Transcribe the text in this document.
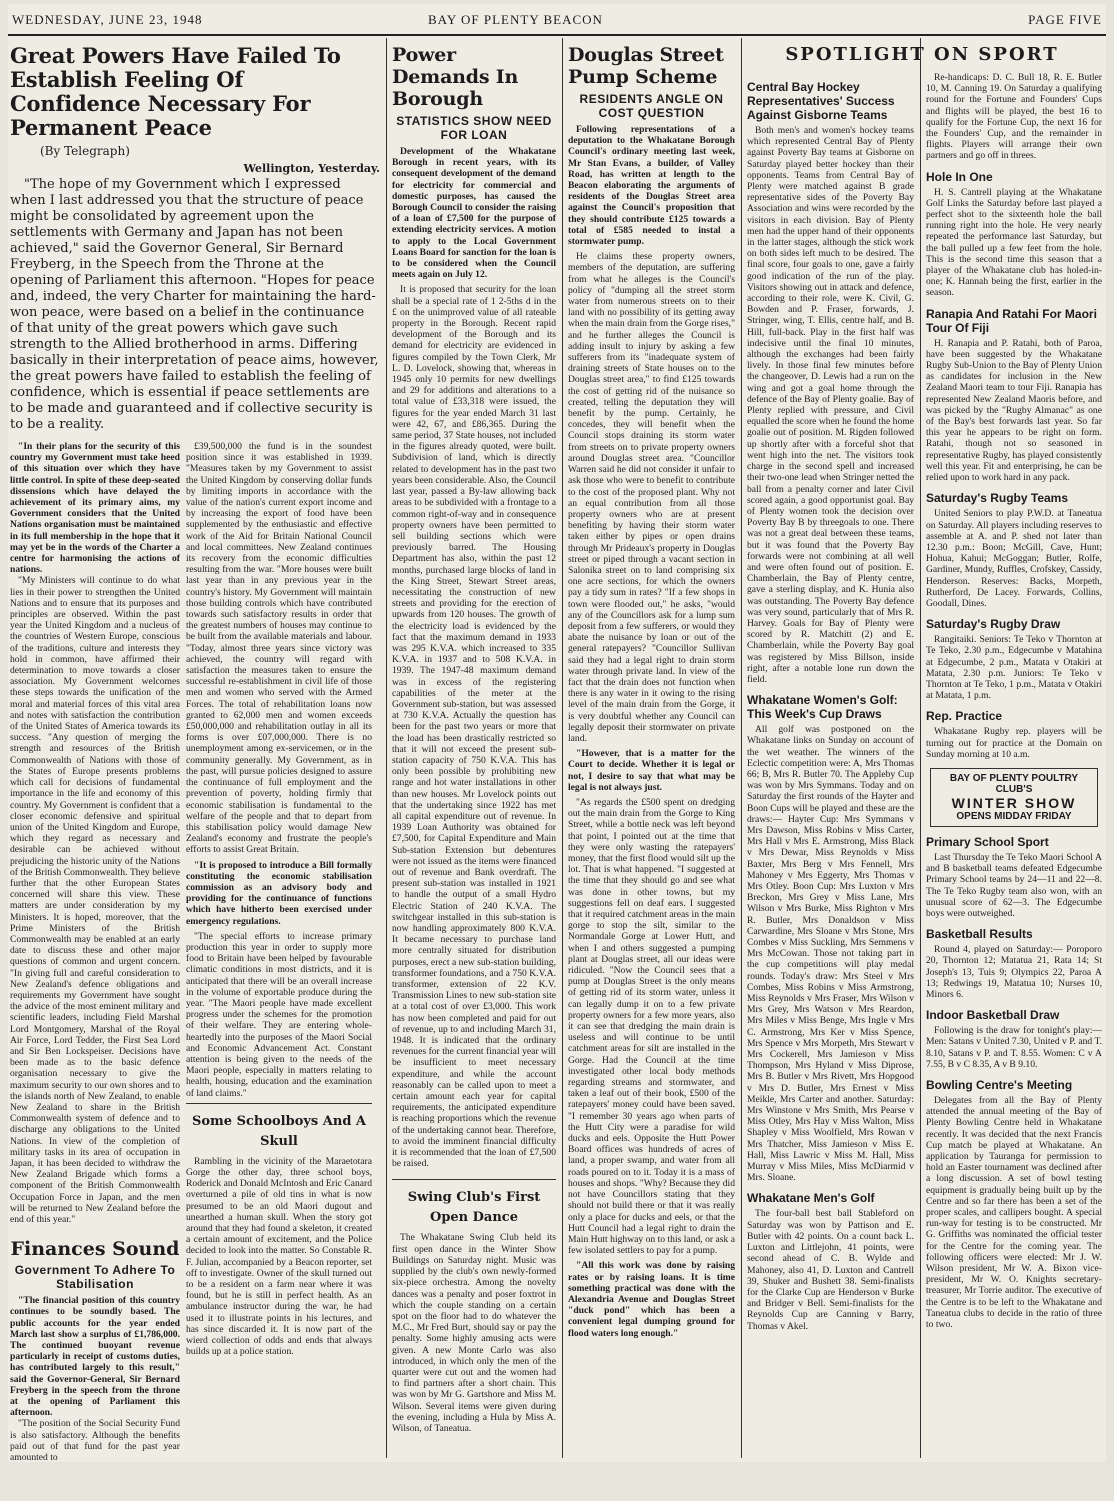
WEDNESDAY, JUNE 23, 1948	BAY OF PLENTY BEACON	PAGE FIVE
Great Powers Have Failed To Establish Feeling Of Confidence Necessary For Permanent Peace
(By Telegraph)
Wellington, Yesterday.

"The hope of my Government which I expressed when I last addressed you that the structure of peace might be consolidated by agreement upon the settlements with Germany and Japan has not been achieved," said the Governor General, Sir Bernard Freyberg, in the Speech from the Throne at the opening of Parliament this afternoon. "Hopes for peace and, indeed, the very Charter for maintaining the hard-won peace, were based on a belief in the continuance of that unity of the great powers which gave such strength to the Allied brotherhood in arms. Differing basically in their interpretation of peace aims, however, the great powers have failed to establish the feeling of confidence, which is essential if peace settlements are to be made and guaranteed and if collective security is to be a reality.

"In their plans for the security of this country my Government must take heed of this situation over which they have little control. In spite of these deep-seated dissensions which have delayed the achievement of its primary aims, my Government considers that the United Nations organisation must be maintained in its full membership in the hope that it may yet be in the words of the Charter a centre for harmonising the actions of nations.

"My Ministers will continue to do what lies in their power to strengthen the United Nations and to ensure that its purposes and principles are observed. Within the past year the United Kingdom and a nucleus of the countries of Western Europe, conscious of the traditions, culture and interests they hold in common, have affirmed their determination to move towards a closer association. My Government welcomes these steps towards the unification of the moral and material forces of this vital area and notes with satisfaction the contribution of the United States of America towards its success. "Any question of merging the strength and resources of the British Commonwealth of Nations with those of the States of Europe presents problems which call for decisions of fundamental importance in the life and economy of this country. My Government is confident that a closer economic defensive and spiritual union of the United Kingdom and Europe, which they regard as necessary and desirable can be achieved without prejudicing the historic unity of the Nations of the British Commonwealth. They believe further that the other European States concerned will share this view. These matters are under consideration by my Ministers. It is hoped, moreover, that the Prime Ministers of the British Commonwealth may be enabled at an early date to discuss these and other major questions of common and urgent concern. "In giving full and careful consideration to New Zealand's defence obligations and requirements my Government have sought the advice of the most eminent military and scientific leaders, including Field Marshal Lord Montgomery, Marshal of the Royal Air Force, Lord Tedder, the First Sea Lord and Sir Ben Lockspeiser. Decisions have been made as to the basic defence organisation necessary to give the maximum security to our own shores and to the islands north of New Zealand, to enable New Zealand to share in the British Commonwealth system of defence and to discharge any obligations to the United Nations. In view of the completion of military tasks in its area of occupation in Japan, it has been decided to withdraw the New Zealand Brigade which forms a component of the British Commonwealth Occupation Force in Japan, and the men will be returned to New Zealand before the end of this year."

Finances Sound
Government To Adhere To Stabilisation

"The financial position of this country continues to be soundly based. The public accounts for the year ended March last show a surplus of £1,786,000. The continued buoyant revenue particularly in receipt of customs duties, has contributed largely to this result," said the Governor-General, Sir Bernard Freyberg in the speech from the throne at the opening of Parliament this afternoon.

"The position of the Social Security Fund is also satisfactory. Although the benefits paid out of that fund for the past year amounted to

£39,500,000 the fund is in the soundest position since it was established in 1939. "Measures taken by my Government to assist the United Kingdom by conserving dollar funds by limiting imports in accordance with the value of the nation's current export income and by increasing the export of food have been supplemented by the enthusiastic and effective work of the Aid for Britain National Council and local committees. New Zealand continues its recovery from the economic difficulties resulting from the war. "More houses were built last year than in any previous year in the country's history. My Government will maintain those building controls which have contributed towards such satisfactory results in order that the greatest numbers of houses may continue to be built from the available materials and labour. "Today, almost three years since victory was achieved, the country will regard with satisfaction the measures taken to ensure the successful re-establishment in civil life of those men and women who served with the Armed Forces. The total of rehabilitation loans now granted to 62,000 men and women exceeds £50,000,000 and rehabilitation outlay in all its forms is over £07,000,000. There is no unemployment among ex-servicemen, or in the community generally. My Government, as in the past, will pursue policies designed to assure the continuance of full employment and the prevention of poverty, holding firmly that economic stabilisation is fundamental to the welfare of the people and that to depart from this stabilisation policy would damage New Zealand's economy and frustrate the people's efforts to assist Great Britain.

"It is proposed to introduce a Bill formally constituting the economic stabilisation commission as an advisory body and providing for the continuance of functions which have hitherto been exercised under emergency regulations.

"The special efforts to increase primary production this year in order to supply more food to Britain have been helped by favourable climatic conditions in most districts, and it is anticipated that there will be an overall increase in the volume of exportable produce during the year. "The Maori people have made excellent progress under the schemes for the promotion of their welfare. They are entering whole-heartedly into the purposes of the Maori Social and Economic Advancement Act. Constant attention is being given to the needs of the Maori people, especially in matters relating to health, housing, education and the examination of land claims."

Some Schoolboys And A Skull

Rambling in the vicinity of the Maraetotara Gorge the other day, three school boys, Roderick and Donald McIntosh and Eric Canard overturned a pile of old tins in what is now presumed to be an old Maori dugout and unearthed a human skull. When the story got around that they had found a skeleton, it created a certain amount of excitement, and the Police decided to look into the matter. So Constable R. F. Julian, accompanied by a Beacon reporter, set off to investigate. Owner of the skull turned out to be a resident on a farm near where it was found, but he is still in perfect health. As an ambulance instructor during the war, he had used it to illustrate points in his lectures, and has since discarded it. It is now part of the wierd collection of odds and ends that always builds up at a police station.

Power Demands In Borough
STATISTICS SHOW NEED FOR LOAN

Development of the Whakatane Borough in recent years, with its consequent development of the demand for electricity for commercial and domestic purposes, has caused the Borough Council to consider the raising of a loan of £7,500 for the purpose of extending electricity services. A motion to apply to the Local Government Loans Board for sanction for the loan is to be considered when the Council meets again on July 12.

It is proposed that security for the loan shall be a special rate of 1 2-5ths d in the £ on the unimproved value of all rateable property in the Borough. Recent rapid development of the Borough and its demand for electricity are evidenced in figures compiled by the Town Clerk, Mr L. D. Lovelock, showing that, whereas in 1945 only 10 permits for new dwellings and 29 for additions and alterations to a total value of £33,318 were issued, the figures for the year ended March 31 last were 42, 67, and £86,365. During the same period, 37 State houses, not included in the figures already quoted, were built. Subdivision of land, which is directly related to development has in the past two years been considerable. Also, the Council last year, passed a By-law allowing back areas to be subdivided with a frontage to a common right-of-way and in consequence property owners have been permitted to sell building sections which were previously barred. The Housing Department has also, within the past 12 months, purchased large blocks of land in the King Street, Stewart Street areas, necessitating the construction of new streets and providing for the erection of upwards from 120 houses. The growth of the electricity load is evidenced by the fact that the maximum demand in 1933 was 295 K.V.A. which increased to 335 K.V.A. in 1937 and to 508 K.V.A. in 1939. The 1947-48 maximum demand was in excess of the registering capabilities of the meter at the Government sub-station, but was assessed at 730 K.V.A. Actually the question has been for the past two years or more that the load has been drastically restricted so that it will not exceed the present sub-station capacity of 750 K.V.A. This has only been possible by prohibiting new range and hot water installations in other than new houses. Mr Lovelock points out that the undertaking since 1922 has met all capital expenditure out of revenue. In 1939 Loan Authority was obtained for £7,500, for Capital Expenditure and Main Sub-station Extension but debentures were not issued as the items were financed out of revenue and Bank overdraft. The present sub-station was installed in 1921 to handle the output of a small Hydro Electric Station of 240 K.V.A. The switchgear installed in this sub-station is now handling approximately 800 K.V.A. It became necessary to purchase land more centrally situated for distribution purposes, erect a new sub-station building, transformer foundations, and a 750 K.V.A. transformer, extension of 22 K.V. Transmission Lines to new sub-station site at a total cost of over £3,000. This work has now been completed and paid for out of revenue, up to and including March 31, 1948. It is indicated that the ordinary revenues for the current financial year will be insufficient to meet necessary expenditure, and while the account reasonably can be called upon to meet a certain amount each year for capital requirements, the anticipated expenditure is reaching proportions which the revenue of the undertaking cannot bear. Therefore, to avoid the imminent financial difficulty it is recommended that the loan of £7,500 be raised.

Swing Club's First Open Dance

The Whakatane Swing Club held its first open dance in the Winter Show Buildings on Saturday night. Music was supplied by the club's own newly-formed six-piece orchestra. Among the novelty dances was a penalty and poser foxtrot in which the couple standing on a certain spot on the floor had to do whatever the M.C., Mr Fred Burt, should say or pay the penalty. Some highly amusing acts were given. A new Monte Carlo was also introduced, in which only the men of the quarter were cut out and the women had to find partners after a short chain. This was won by Mr G. Gartshore and Miss M. Wilson. Several items were given during the evening, including a Hula by Miss A. Wilson, of Taneatua.

Douglas Street Pump Scheme
RESIDENTS ANGLE ON COST QUESTION

Following representations of a deputation to the Whakatane Borough Council's ordinary meeting last week, Mr Stan Evans, a builder, of Valley Road, has written at length to the Beacon elaborating the arguments of residents of the Douglas Street area against the Council's proposition that they should contribute £125 towards a total of £585 needed to instal a stormwater pump.

He claims these property owners, members of the deputation, are suffering from what he alleges is the Council's policy of "dumping all the street storm water from numerous streets on to their land with no possibility of its getting away when the main drain from the Gorge rises," and he further alleges the Council is adding insult to injury by asking a few sufferers from its "inadequate system of draining streets of State houses on to the Douglas street area," to find £125 towards the cost of getting rid of the nuisance so created, telling the deputation they will benefit by the pump. Certainly, he concedes, they will benefit when the Council stops draining its storm water from streets on to private property owners around Douglas street area. "Councillor Warren said he did not consider it unfair to ask those who were to benefit to contribute to the cost of the proposed plant. Why not an equal contribution from all those property owners who are at present benefiting by having their storm water taken either by pipes or open drains through Mr Prideaux's property in Douglas street or piped through a vacant section in Salonika street on to land comprising six one acre sections, for which the owners pay a tidy sum in rates? "If a few shops in town were flooded out," he asks, "would any of the Councillors ask for a lump sum deposit from a few sufferers, or would they abate the nuisance by loan or out of the general ratepayers? "Councillor Sullivan said they had a legal right to drain storm water through private land. In view of the fact that the drain does not function when there is any water in it owing to the rising level of the main drain from the Gorge, it is very doubtful whether any Council can legally deposit their stormwater on private land.

"However, that is a matter for the Court to decide. Whether it is legal or not, I desire to say that what may be legal is not always just.

"As regards the £500 spent on dredging out the main drain from the Gorge to King Street, while a bottle neck was left beyond that point, I pointed out at the time that they were only wasting the ratepayers' money, that the first flood would silt up the lot. That is what happened. "I suggested at the time that they should go and see what was done in other towns, but my suggestions fell on deaf ears. I suggested that it required catchment areas in the main gorge to stop the silt, similar to the Normandale Gorge at Lower Hutt, and when I and others suggested a pumping plant at Douglas street, all our ideas were ridiculed. "Now the Council sees that a pump at Douglas Street is the only means of getting rid of its storm water, unless it can legally dump it on to a few private property owners for a few more years, also it can see that dredging the main drain is useless and will continue to be until catchment areas for silt are installed in the Gorge. Had the Council at the time investigated other local body methods regarding streams and stormwater, and taken a leaf out of their book, £500 of the ratepayers' money could have been saved. "I remember 30 years ago when parts of the Hutt City were a paradise for wild ducks and eels. Opposite the Hutt Power Board offices was hundreds of acres of land, a proper swamp, and water from all roads poured on to it. Today it is a mass of houses and shops. "Why? Because they did not have Councillors stating that they should not build there or that it was really only a place for ducks and eels, or that the Hutt Council had a legal right to drain the Main Hutt highway on to this land, or ask a few isolated settlers to pay for a pump.

"All this work was done by raising rates or by raising loans. It is time something practical was done with the Alexandria Avenue and Douglas Street "duck pond" which has been a convenient legal dumping ground for flood waters long enough."

SPOTLIGHT ON SPORT
Central Bay Hockey Representatives' Success Against Gisborne Teams

Both men's and women's hockey teams which represented Central Bay of Plenty against Poverty Bay teams at Gisborne on Saturday played better hockey than their opponents. Teams from Central Bay of Plenty were matched against B grade representative sides of the Poverty Bay Association and wins were recorded by the visitors in each division. Bay of Plenty men had the upper hand of their opponents in the latter stages, although the stick work on both sides left much to be desired. The final score, four goals to one, gave a fairly good indication of the run of the play. Visitors showing out in attack and defence, according to their role, were K. Civil, G. Bowden and P. Fraser, forwards, J. Stringer, wing, T. Ellis, centre half, and B. Hill, full-back. Play in the first half was indecisive until the final 10 minutes, although the exchanges had been fairly lively. In those final few minutes before the changeover, D. Lewis had a run on the wing and got a goal home through the defence of the Bay of Plenty goalie. Bay of Plenty replied with pressure, and Civil equalled the score when he found the home goalie out of position. M. Rigden followed up shortly after with a forceful shot that went high into the net. The visitors took charge in the second spell and increased their two-one lead when Stringer netted the ball from a penalty corner and later Civil scored again, a good opportunist goal. Bay of Plenty women took the decision over Poverty Bay B by threegoals to one. There was not a great deal between these teams, but it was found that the Poverty Bay forwards were not combining at all well and were often found out of position. E. Chamberlain, the Bay of Plenty centre, gave a sterling display, and K. Hunia also was outstanding. The Poverty Bay defence was very sound, particularly that of Mrs R. Harvey. Goals for Bay of Plenty were scored by R. Matchitt (2) and E. Chamberlain, while the Poverty Bay goal was registered by Miss Billson, inside right, after a notable lone run down the field.

Whakatane Women's Golf: This Week's Cup Draws

All golf was postponed on the Whakatane links on Sunday on account of the wet weather. The winners of the Eclectic competition were: A, Mrs Thomas 66; B, Mrs R. Butler 70. The Appleby Cup was won by Mrs Symmans. Today and on Saturday the first rounds of the Hayter and Boon Cups will be played and these are the draws:— Hayter Cup: Mrs Symmans v Mrs Dawson, Miss Robins v Miss Carter, Mrs Hall v Mrs E. Armstrong, Miss Black v Mrs Dewar, Miss Reynolds v Miss Baxter, Mrs Berg v Mrs Fennell, Mrs Mahoney v Mrs Eggerty, Mrs Thomas v Mrs Otley. Boon Cup: Mrs Luxton v Mrs Breckon, Mrs Grey v Miss Lane, Mrs Wilson v Mrs Burke, Miss Righton v Mrs R. Butler, Mrs Donaldson v Miss Carwardine, Mrs Sloane v Mrs Stone, Mrs Combes v Miss Suckling, Mrs Semmens v Mrs McCowan. Those not taking part in the cup competitions will play medal rounds. Today's draw: Mrs Steel v Mrs Combes, Miss Robins v Miss Armstrong, Miss Reynolds v Mrs Fraser, Mrs Wilson v Mrs Grey, Mrs Watson v Mrs Reardon, Mrs Miles v Miss Benge, Mrs Ingle v Mrs C. Armstrong, Mrs Ker v Miss Spence, Mrs Spence v Mrs Morpeth, Mrs Stewart v Mrs Cockerell, Mrs Jamieson v Miss Thompson, Mrs Hyland v Miss Diprose, Mrs B. Butler v Mrs Rivett, Mrs Hopgood v Mrs D. Butler, Mrs Ernest v Miss Meikle, Mrs Carter and another. Saturday: Mrs Winstone v Mrs Smith, Mrs Pearse v Miss Otley, Mrs Hay v Miss Walton, Miss Shapley v Miss Woolfield, Mrs Rowan v Mrs Thatcher, Miss Jamieson v Miss E. Hall, Miss Lawric v Miss M. Hall, Miss Murray v Miss Miles, Miss McDiarmid v Mrs. Sloane.

Whakatane Men's Golf

The four-ball best ball Stableford on Saturday was won by Pattison and E. Butler with 42 points. On a count back L. Luxton and Littlejohn, 41 points, were second ahead of C. B. Wylde and Mahoney, also 41, D. Luxton and Cantrell 39, Shuker and Bushett 38. Semi-finalists for the Clarke Cup are Henderson v Burke and Bridger v Bell. Semi-finalists for the Reynolds Cup are Canning v Barry, Thomas v Akel.

Re-handicaps: D. C. Bull 18, R. E. Butler 10, M. Canning 19. On Saturday a qualifying round for the Fortune and Founders' Cups and flights will be played, the best 16 to qualify for the Fortune Cup, the next 16 for the Founders' Cup, and the remainder in flights. Players will arrange their own partners and go off in threes.

Hole In One

H. S. Cantrell playing at the Whakatane Golf Links the Saturday before last played a perfect shot to the sixteenth hole the ball running right into the hole. He very nearly repeated the performance last Saturday, but the ball pulled up a few feet from the hole. This is the second time this season that a player of the Whakatane club has holed-in-one; K. Hannah being the first, earlier in the season.

Ranapia And Ratahi For Maori Tour Of Fiji

H. Ranapia and P. Ratahi, both of Paroa, have been suggested by the Whakatane Rugby Sub-Union to the Bay of Plenty Union as candidates for inclusion in the New Zealand Maori team to tour Fiji. Ranapia has represented New Zealand Maoris before, and was picked by the "Rugby Almanac" as one of the Bay's best forwards last year. So far this year he appears to be right on form. Ratahi, though not so seasoned in representative Rugby, has played consistently well this year. Fit and enterprising, he can be relied upon to work hard in any pack.

Saturday's Rugby Teams

United Seniors to play P.W.D. at Taneatua on Saturday. All players including reserves to assemble at A. and P. shed not later than 12.30 p.m.: Boon; McGill, Cave, Hunt; Hohua, Kahui; McGoggan; Butler, Rolfe, Gardiner, Mundy, Ruffles, Crofskey, Cassidy, Henderson. Reserves: Backs, Morpeth, Rutherford, De Lacey. Forwards, Collins, Goodall, Dines.

Saturday's Rugby Draw

Rangitaiki. Seniors: Te Teko v Thornton at Te Teko, 2.30 p.m., Edgecumbe v Matahina at Edgecumbe, 2 p.m., Matata v Otakiri at Matata, 2.30 p.m. Juniors: Te Teko v Thornton at Te Teko, 1 p.m., Matata v Otakiri at Matata, 1 p.m.

Rep. Practice

Whakatane Rugby rep. players will be turning out for practice at the Domain on Sunday morning at 10 a.m.

BAY OF PLENTY POULTRY CLUB'S
WINTER SHOW
OPENS MIDDAY FRIDAY
Primary School Sport

Last Thursday the Te Teko Maori School A and B basketball teams defeated Edgecumbe Primary School teams by 24—11 and 22—8. The Te Teko Rugby team also won, with an unusual score of 62—3. The Edgecumbe boys were outweighed.

Basketball Results

Round 4, played on Saturday:— Poroporo 20, Thornton 12; Matatua 21, Rata 14; St Joseph's 13, Tuis 9; Olympics 22, Paroa A 13; Redwings 19, Matatua 10; Nurses 10, Minors 6.

Indoor Basketball Draw

Following is the draw for tonight's play:— Men: Satans v United 7.30, United v P. and T. 8.10, Satans v P. and T. 8.55. Women: C v A 7.55, B v C 8.35, A v B 9.10.

Bowling Centre's Meeting

Delegates from all the Bay of Plenty attended the annual meeting of the Bay of Plenty Bowling Centre held in Whakatane recently. It was decided that the next Francis Cup match be played at Whakatane. An application by Tauranga for permission to hold an Easter tournament was declined after a long discussion. A set of bowl testing equipment is gradually being built up by the Centre and so far there has been a set of the proper scales, and callipers bought. A special run-way for testing is to be constructed. Mr G. Griffiths was nominated the official tester for the Centre for the coming year. The following officers were elected: Mr J. W. Wilson president, Mr W. A. Bixon vice-president, Mr W. O. Knights secretary-treasurer, Mr Torrie auditor. The executive of the Centre is to be left to the Whakatane and Taneatua clubs to decide in the ratio of three to two.
